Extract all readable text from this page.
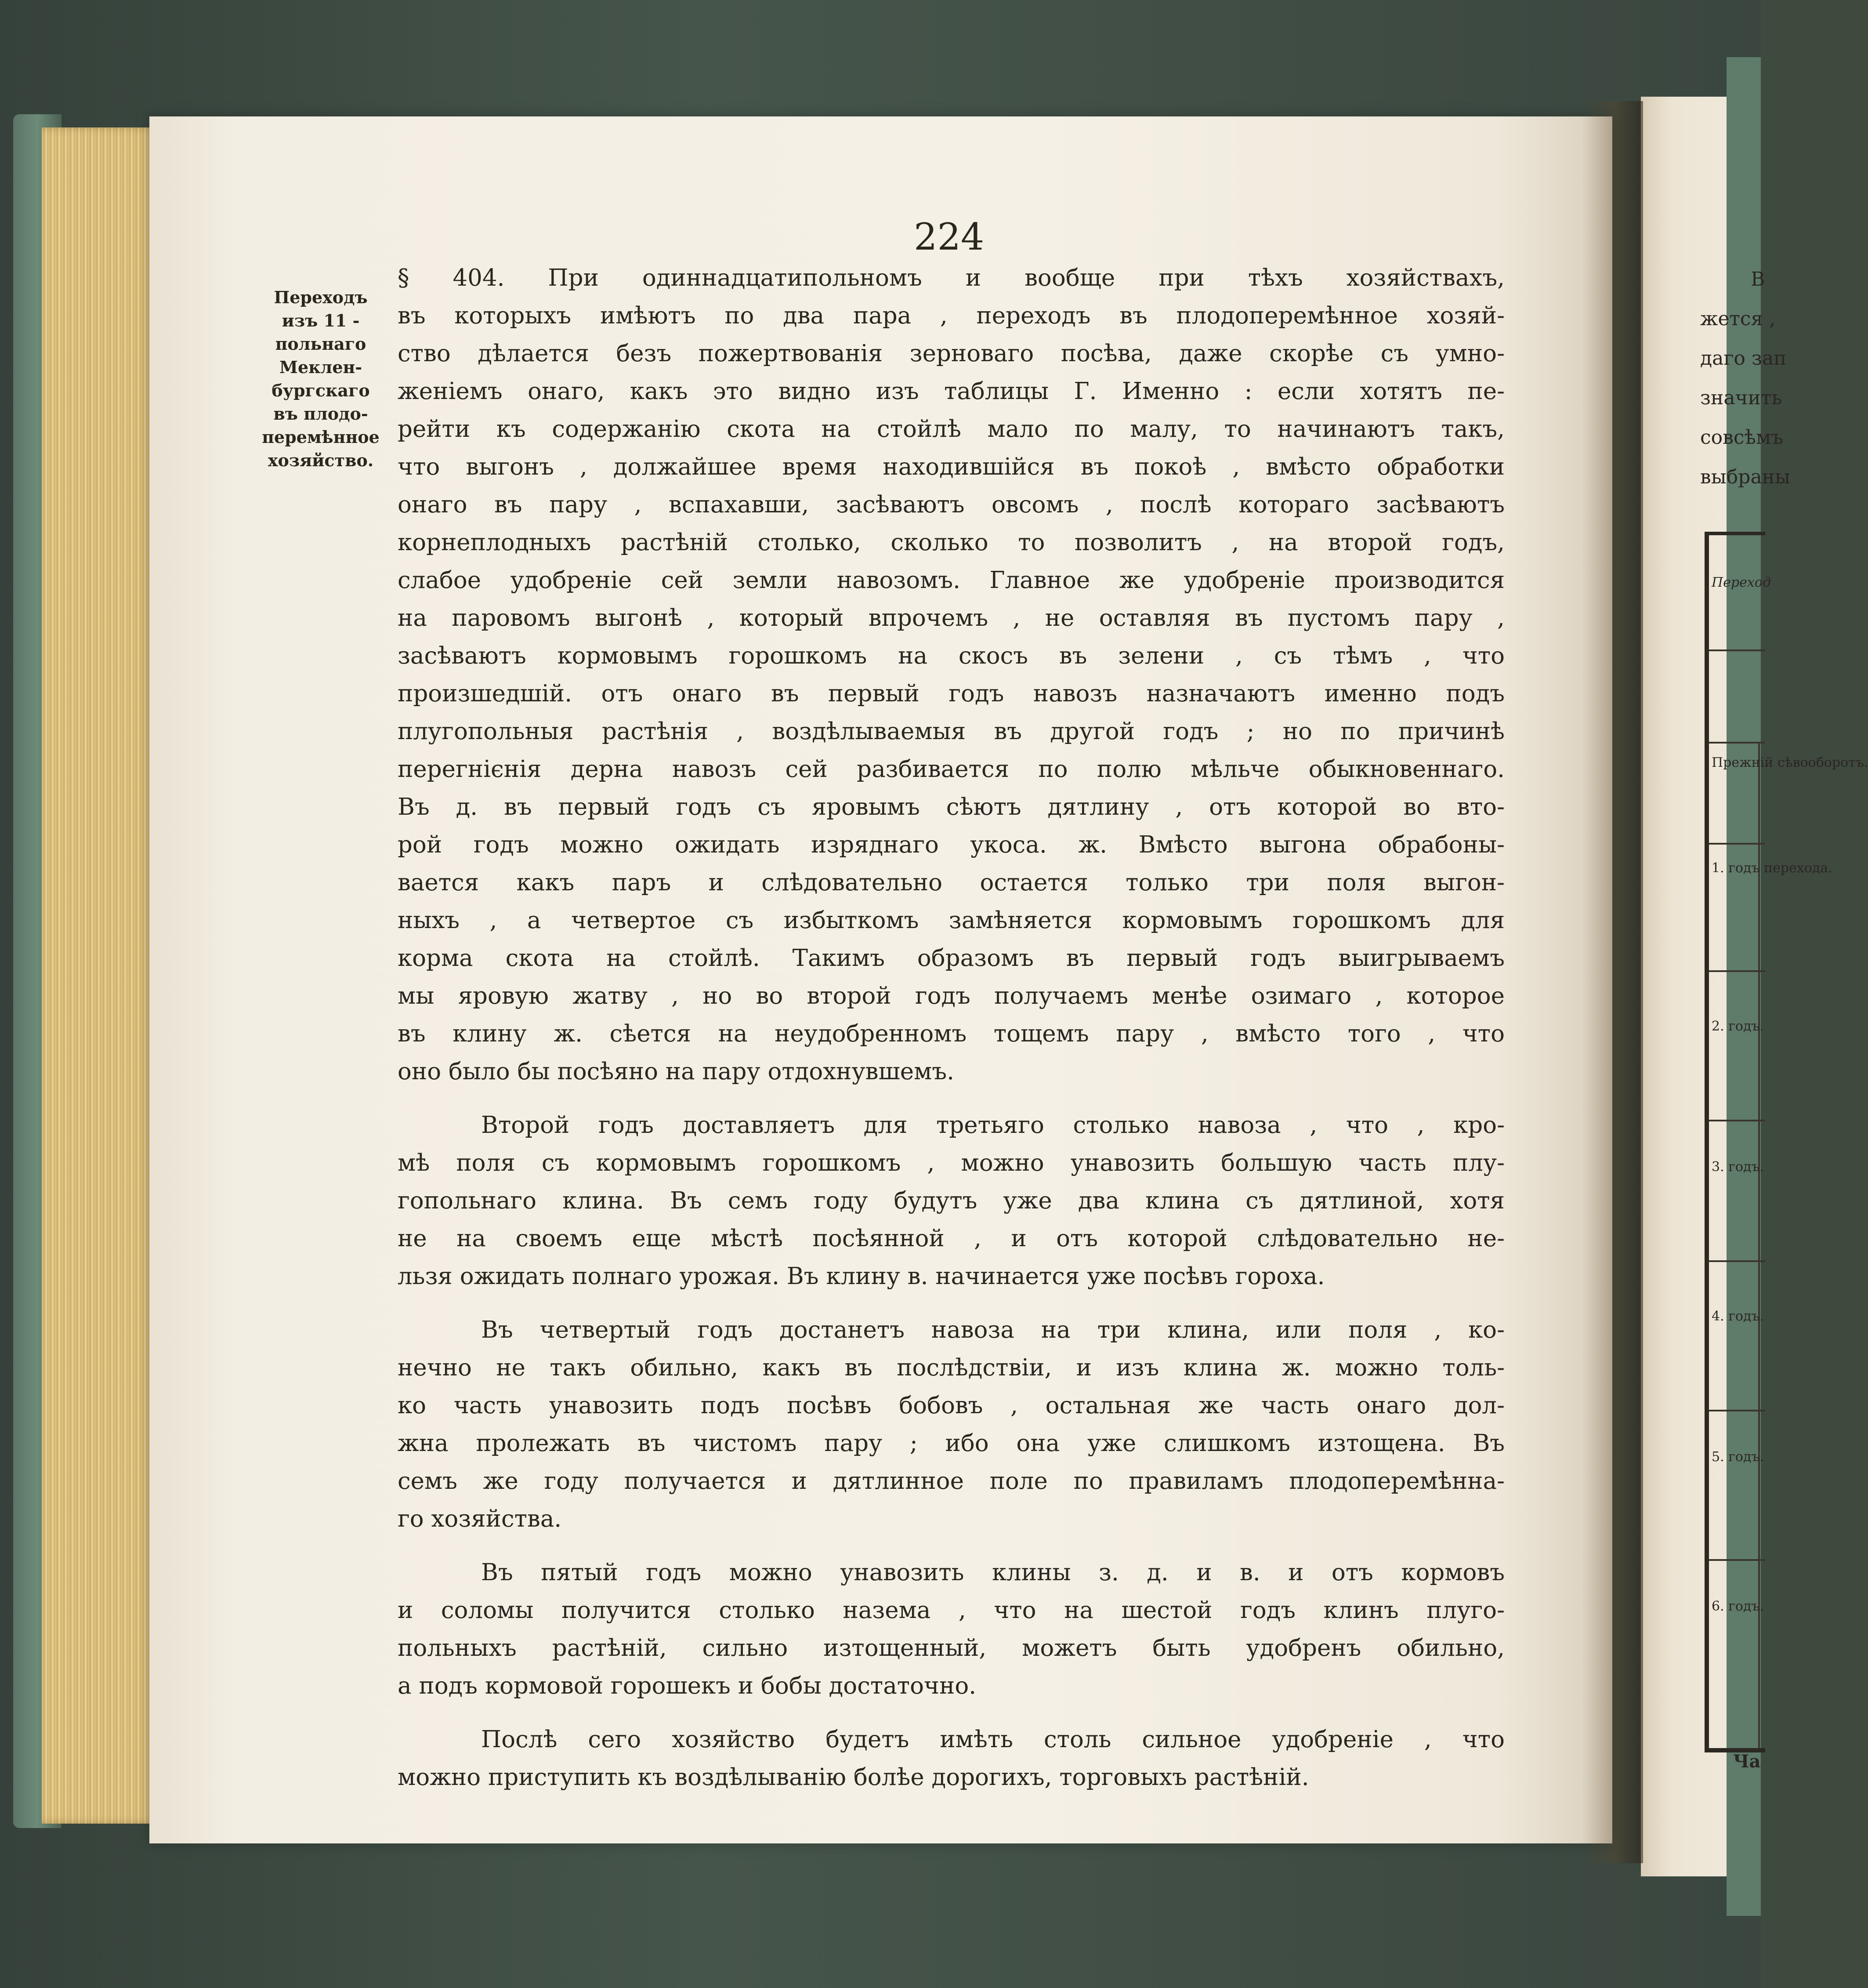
224
Переходъ
изъ 11 -
польнаго
Меклен-
бургскаго
въ плодо-
перемѣнное
хозяйство.
§ 404. При одиннадцатипольномъ и вообще при тѣхъ хозяйствахъ,
въ которыхъ имѣютъ по два пара , переходъ въ плодоперемѣнное хозяй-
ство дѣлается безъ пожертвованія зерноваго посѣва, даже скорѣе съ умно-
женіемъ онаго, какъ это видно изъ таблицы Г. Именно : если хотятъ пе-
рейти къ содержанію скота на стойлѣ мало по малу, то начинаютъ такъ,
что выгонъ , должайшее время находившійся въ покоѣ , вмѣсто обработки
онаго въ пару , вспахавши, засѣваютъ овсомъ , послѣ котораго засѣваютъ
корнеплодныхъ растѣній столько, сколько то позволитъ , на второй годъ,
слабое удобреніе сей земли навозомъ. Главное же удобреніе производится
на паровомъ выгонѣ , который впрочемъ , не оставляя въ пустомъ пару ,
засѣваютъ кормовымъ горошкомъ на скосъ въ зелени , съ тѣмъ , что
произшедшій. отъ онаго въ первый годъ навозъ назначаютъ именно подъ
плугопольныя растѣнія , воздѣлываемыя въ другой годъ ; но по причинѣ
перегнієнія дерна навозъ сей разбивается по полю мѣльче обыкновеннаго.
Въ д. въ первый годъ съ яровымъ сѣютъ дятлину , отъ которой во вто-
рой годъ можно ожидать изряднаго укоса. ж. Вмѣсто выгона обрабоны-
вается какъ паръ и слѣдовательно остается только три поля выгон-
ныхъ , а четвертое съ избыткомъ замѣняется кормовымъ горошкомъ для
корма скота на стойлѣ. Такимъ образомъ въ первый годъ выигрываемъ
мы яровую жатву , но во второй годъ получаемъ менѣе озимаго , которое
въ клину ж. сѣется на неудобренномъ тощемъ пару , вмѣсто того , что
оно было бы посѣяно на пару отдохнувшемъ.
Второй годъ доставляетъ для третьяго столько навоза , что , кро-
мѣ поля съ кормовымъ горошкомъ , можно унавозить большую часть плу-
гопольнаго клина. Въ семъ году будутъ уже два клина съ дятлиной, хотя
не на своемъ еще мѣстѣ посѣянной , и отъ которой слѣдовательно не-
льзя ожидать полнаго урожая. Въ клину в. начинается уже посѣвъ гороха.
Въ четвертый годъ достанетъ навоза на три клина, или поля , ко-
нечно не такъ обильно, какъ въ послѣдствіи, и изъ клина ж. можно толь-
ко часть унавозить подъ посѣвъ бобовъ , остальная же часть онаго дол-
жна пролежать въ чистомъ пару ; ибо она уже слишкомъ изтощена. Въ
семъ же году получается и дятлинное поле по правиламъ плодоперемѣнна-
го хозяйства.
Въ пятый годъ можно унавозить клины з. д. и в. и отъ кормовъ
и соломы получится столько назема , что на шестой годъ клинъ плуго-
польныхъ растѣній, сильно изтощенный, можетъ быть удобренъ обильно,
а подъ кормовой горошекъ и бобы достаточно.
Послѣ сего хозяйство будетъ имѣть столь сильное удобреніе , что
можно приступить къ воздѣлыванію болѣе дорогихъ, торговыхъ растѣній.
В
жется ,
даго зап
значить
совсѣмъ
выбраны
Переход
Прежній сѣвооборотъ.
1. годъ перехода.
2. годъ.
3. годъ.
4. годъ.
5. годъ.
6. годъ.
Ча
